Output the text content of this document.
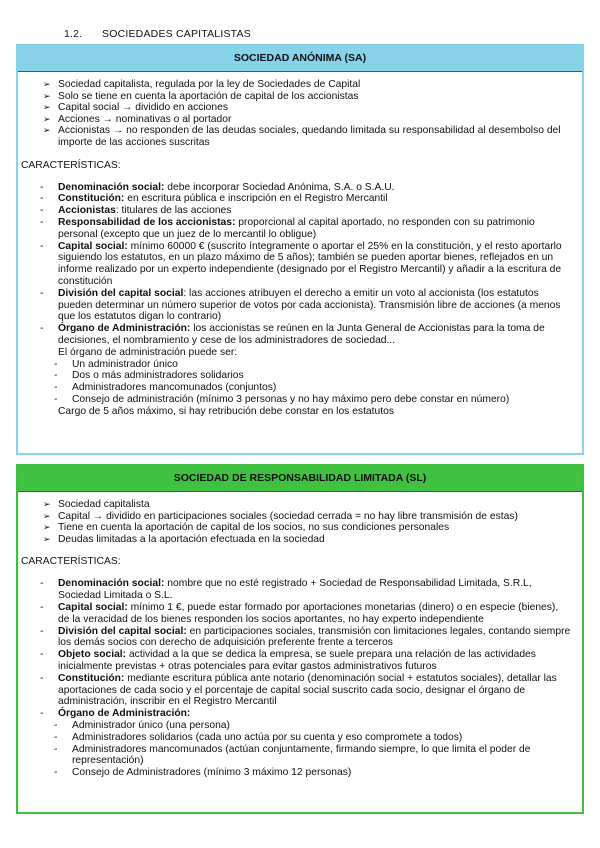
1.2. SOCIEDADES CAPITALISTAS
SOCIEDAD ANÓNIMA (SA)
➢ Sociedad capitalista, regulada por la ley de Sociedades de Capital
➢ Solo se tiene en cuenta la aportación de capital de los accionistas
➢ Capital social → dividido en acciones
➢ Acciones → nominativas o al portador
➢ Accionistas → no responden de las deudas sociales, quedando limitada su responsabilidad al desembolso del importe de las acciones suscritas
CARACTERÍSTICAS:
- Denominación social: debe incorporar Sociedad Anónima, S.A. o S.A.U.
- Constitución: en escritura pública e inscripción en el Registro Mercantil
- Accionistas: titulares de las acciones
- Responsabilidad de los accionistas: proporcional al capital aportado, no responden con su patrimonio personal (excepto que un juez de lo mercantil lo obligue)
- Capital social: mínimo 60000 € (suscrito íntegramente o aportar el 25% en la constitución, y el resto aportarlo siguiendo los estatutos, en un plazo máximo de 5 años); también se pueden aportar bienes, reflejados en un informe realizado por un experto independiente (designado por el Registro Mercantil) y añadir a la escritura de constitución
- División del capital social: las acciones atribuyen el derecho a emitir un voto al accionista (los estatutos pueden determinar un número superior de votos por cada accionista). Transmisión libre de acciones (a menos que los estatutos digan lo contrario)
- Órgano de Administración: los accionistas se reúnen en la Junta General de Accionistas para la toma de decisiones, el nombramiento y cese de los administradores de sociedad...
El órgano de administración puede ser:
- Un administrador único
- Dos o más administradores solidarios
- Administradores mancomunados (conjuntos)
- Consejo de administración (mínimo 3 personas y no hay máximo pero debe constar en número)
Cargo de 5 años máximo, si hay retribución debe constar en los estatutos
SOCIEDAD DE RESPONSABILIDAD LIMITADA (SL)
➢ Sociedad capitalista
➢ Capital → dividido en participaciones sociales (sociedad cerrada = no hay libre transmisión de estas)
➢ Tiene en cuenta la aportación de capital de los socios, no sus condiciones personales
➢ Deudas limitadas a la aportación efectuada en la sociedad
CARACTERÍSTICAS:
- Denominación social: nombre que no esté registrado + Sociedad de Responsabilidad Limitada, S.R.L, Sociedad Limitada o S.L.
- Capital social: mínimo 1 €, puede estar formado por aportaciones monetarias (dinero) o en especie (bienes), de la veracidad de los bienes responden los socios aportantes, no hay experto independiente
- División del capital social: en participaciones sociales, transmisión con limitaciones legales, contando siempre los demás socios con derecho de adquisición preferente frente a terceros
- Objeto social: actividad a la que se dedica la empresa, se suele prepara una relación de las actividades inicialmente previstas + otras potenciales para evitar gastos administrativos futuros
- Constitución: mediante escritura pública ante notario (denominación social + estatutos sociales), detallar las aportaciones de cada socio y el porcentaje de capital social suscrito cada socio, designar el órgano de administración, inscribir en el Registro Mercantil
- Órgano de Administración:
- Administrador único (una persona)
- Administradores solidarios (cada uno actúa por su cuenta y eso compromete a todos)
- Administradores mancomunados (actúan conjuntamente, firmando siempre, lo que limita el poder de representación)
- Consejo de Administradores (mínimo 3 máximo 12 personas)
